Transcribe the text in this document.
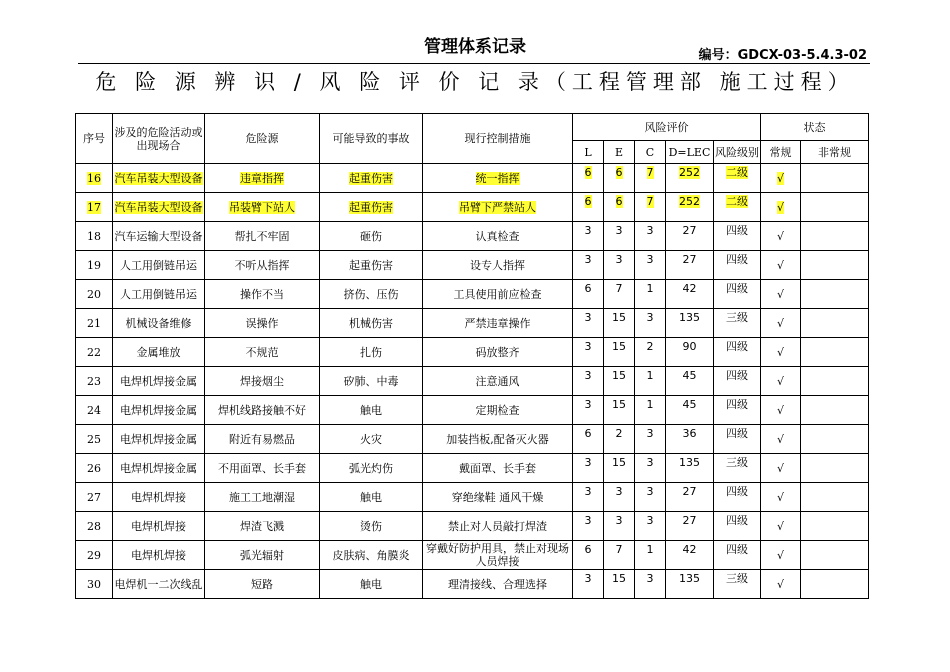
管理体系记录	编号：GDCX-03-5.4.3-02
危 险 源 辨 识 / 风 险 评 价 记 录（工程管理部 施工过程）
序号	涉及的危险活动或出现场合	危险源	可能导致的事故	现行控制措施	风险评价					状态	
					L	E	C	D=LEC	风险级别	常规	非常规
16	汽车吊装大型设备	违章指挥	起重伤害	统一指挥	6	6	7	252	二级	√	
17	汽车吊装大型设备	吊装臂下站人	起重伤害	吊臂下严禁站人	6	6	7	252	二级	√	
18	汽车运输大型设备	帮扎不牢固	砸伤	认真检查	3	3	3	27	四级	√	
19	人工用倒链吊运	不听从指挥	起重伤害	设专人指挥	3	3	3	27	四级	√	
20	人工用倒链吊运	操作不当	挤伤、压伤	工具使用前应检查	6	7	1	42	四级	√	
21	机械设备维修	误操作	机械伤害	严禁违章操作	3	15	3	135	三级	√	
22	金属堆放	不规范	扎伤	码放整齐	3	15	2	90	四级	√	
23	电焊机焊接金属	焊接烟尘	矽肺、中毒	注意通风	3	15	1	45	四级	√	
24	电焊机焊接金属	焊机线路接触不好	触电	定期检查	3	15	1	45	四级	√	
25	电焊机焊接金属	附近有易燃品	火灾	加装挡板,配备灭火器	6	2	3	36	四级	√	
26	电焊机焊接金属	不用面罩、长手套	弧光灼伤	戴面罩、长手套	3	15	3	135	三级	√	
27	电焊机焊接	施工工地潮湿	触电	穿绝缘鞋 通风干燥	3	3	3	27	四级	√	
28	电焊机焊接	焊渣飞溅	烫伤	禁止对人员敲打焊渣	3	3	3	27	四级	√	
29	电焊机焊接	弧光辐射	皮肤病、角膜炎	穿戴好防护用具，禁止对现场人员焊接	6	7	1	42	四级	√	
30	电焊机一二次线乱	短路	触电	理清接线、合理选择	3	15	3	135	三级	√	
